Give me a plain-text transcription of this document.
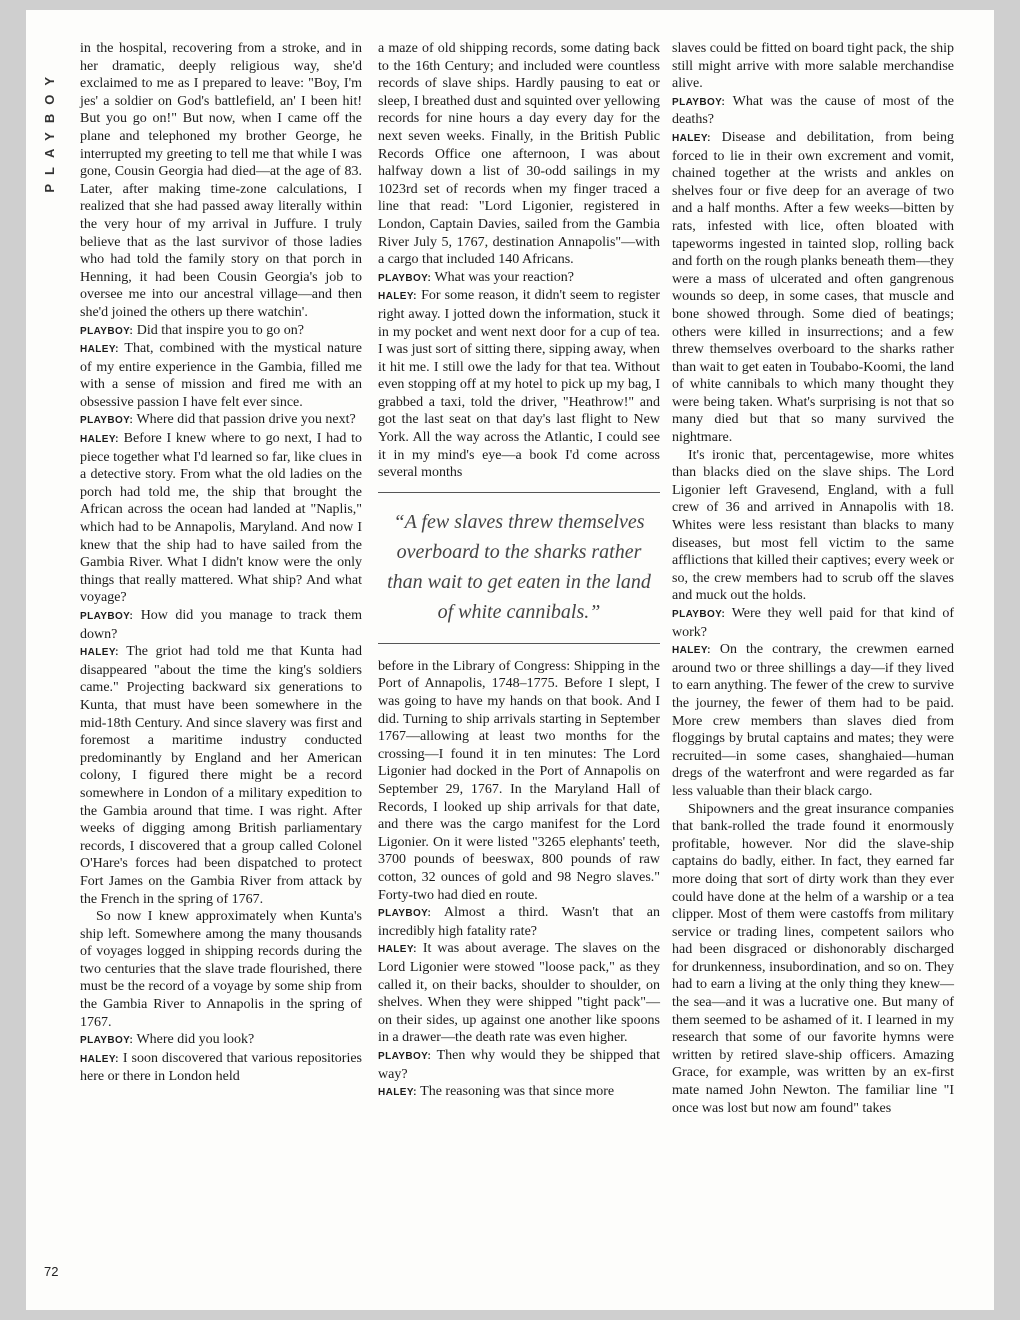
PLAYBOY

in the hospital, recovering from a stroke, and in her dramatic, deeply religious way, she'd exclaimed to me as I prepared to leave: "Boy, I'm jes' a soldier on God's battlefield, an' I been hit! But you go on!" But now, when I came off the plane and telephoned my brother George, he interrupted my greeting to tell me that while I was gone, Cousin Georgia had died—at the age of 83. Later, after making time-zone calculations, I realized that she had passed away literally within the very hour of my arrival in Juffure. I truly believe that as the last survivor of those ladies who had told the family story on that porch in Henning, it had been Cousin Georgia's job to oversee me into our ancestral village—and then she'd joined the others up there watchin'.

PLAYBOY: Did that inspire you to go on?

HALEY: That, combined with the mystical nature of my entire experience in the Gambia, filled me with a sense of mission and fired me with an obsessive passion I have felt ever since.

PLAYBOY: Where did that passion drive you next?

HALEY: Before I knew where to go next, I had to piece together what I'd learned so far, like clues in a detective story. From what the old ladies on the porch had told me, the ship that brought the African across the ocean had landed at "Naplis," which had to be Annapolis, Maryland. And now I knew that the ship had to have sailed from the Gambia River. What I didn't know were the only things that really mattered. What ship? And what voyage?

PLAYBOY: How did you manage to track them down?

HALEY: The griot had told me that Kunta had disappeared "about the time the king's soldiers came." Projecting backward six generations to Kunta, that must have been somewhere in the mid-18th Century. And since slavery was first and foremost a maritime industry conducted predominantly by England and her American colony, I figured there might be a record somewhere in London of a military expedition to the Gambia around that time. I was right. After weeks of digging among British parliamentary records, I discovered that a group called Colonel O'Hare's forces had been dispatched to protect Fort James on the Gambia River from attack by the French in the spring of 1767.

So now I knew approximately when Kunta's ship left. Somewhere among the many thousands of voyages logged in shipping records during the two centuries that the slave trade flourished, there must be the record of a voyage by some ship from the Gambia River to Annapolis in the spring of 1767.

PLAYBOY: Where did you look?

HALEY: I soon discovered that various repositories here or there in London held

a maze of old shipping records, some dating back to the 16th Century; and included were countless records of slave ships. Hardly pausing to eat or sleep, I breathed dust and squinted over yellowing records for nine hours a day every day for the next seven weeks. Finally, in the British Public Records Office one afternoon, I was about halfway down a list of 30-odd sailings in my 1023rd set of records when my finger traced a line that read: "Lord Ligonier, registered in London, Captain Davies, sailed from the Gambia River July 5, 1767, destination Annapolis"—with a cargo that included 140 Africans.

PLAYBOY: What was your reaction?

HALEY: For some reason, it didn't seem to register right away. I jotted down the information, stuck it in my pocket and went next door for a cup of tea. I was just sort of sitting there, sipping away, when it hit me. I still owe the lady for that tea. Without even stopping off at my hotel to pick up my bag, I grabbed a taxi, told the driver, "Heathrow!" and got the last seat on that day's last flight to New York. All the way across the Atlantic, I could see it in my mind's eye—a book I'd come across several months

“A few slaves threw themselves overboard to the sharks rather than wait to get eaten in the land of white cannibals.”

before in the Library of Congress: Shipping in the Port of Annapolis, 1748–1775. Before I slept, I was going to have my hands on that book. And I did. Turning to ship arrivals starting in September 1767—allowing at least two months for the crossing—I found it in ten minutes: The Lord Ligonier had docked in the Port of Annapolis on September 29, 1767. In the Maryland Hall of Records, I looked up ship arrivals for that date, and there was the cargo manifest for the Lord Ligonier. On it were listed "3265 elephants' teeth, 3700 pounds of beeswax, 800 pounds of raw cotton, 32 ounces of gold and 98 Negro slaves." Forty-two had died en route.

PLAYBOY: Almost a third. Wasn't that an incredibly high fatality rate?

HALEY: It was about average. The slaves on the Lord Ligonier were stowed "loose pack," as they called it, on their backs, shoulder to shoulder, on shelves. When they were shipped "tight pack"—on their sides, up against one another like spoons in a drawer—the death rate was even higher.

PLAYBOY: Then why would they be shipped that way?

HALEY: The reasoning was that since more

slaves could be fitted on board tight pack, the ship still might arrive with more salable merchandise alive.

PLAYBOY: What was the cause of most of the deaths?

HALEY: Disease and debilitation, from being forced to lie in their own excrement and vomit, chained together at the wrists and ankles on shelves four or five deep for an average of two and a half months. After a few weeks—bitten by rats, infested with lice, often bloated with tapeworms ingested in tainted slop, rolling back and forth on the rough planks beneath them—they were a mass of ulcerated and often gangrenous wounds so deep, in some cases, that muscle and bone showed through. Some died of beatings; others were killed in insurrections; and a few threw themselves overboard to the sharks rather than wait to get eaten in Toubabo-Koomi, the land of white cannibals to which many thought they were being taken. What's surprising is not that so many died but that so many survived the nightmare.

It's ironic that, percentagewise, more whites than blacks died on the slave ships. The Lord Ligonier left Gravesend, England, with a full crew of 36 and arrived in Annapolis with 18. Whites were less resistant than blacks to many diseases, but most fell victim to the same afflictions that killed their captives; every week or so, the crew members had to scrub off the slaves and muck out the holds.

PLAYBOY: Were they well paid for that kind of work?

HALEY: On the contrary, the crewmen earned around two or three shillings a day—if they lived to earn anything. The fewer of the crew to survive the journey, the fewer of them had to be paid. More crew members than slaves died from floggings by brutal captains and mates; they were recruited—in some cases, shanghaied—human dregs of the waterfront and were regarded as far less valuable than their black cargo.

Shipowners and the great insurance companies that bank-rolled the trade found it enormously profitable, however. Nor did the slave-ship captains do badly, either. In fact, they earned far more doing that sort of dirty work than they ever could have done at the helm of a warship or a tea clipper. Most of them were castoffs from military service or trading lines, competent sailors who had been disgraced or dishonorably discharged for drunkenness, insubordination, and so on. They had to earn a living at the only thing they knew—the sea—and it was a lucrative one. But many of them seemed to be ashamed of it. I learned in my research that some of our favorite hymns were written by retired slave-ship officers. Amazing Grace, for example, was written by an ex-first mate named John Newton. The familiar line "I once was lost but now am found" takes

72
